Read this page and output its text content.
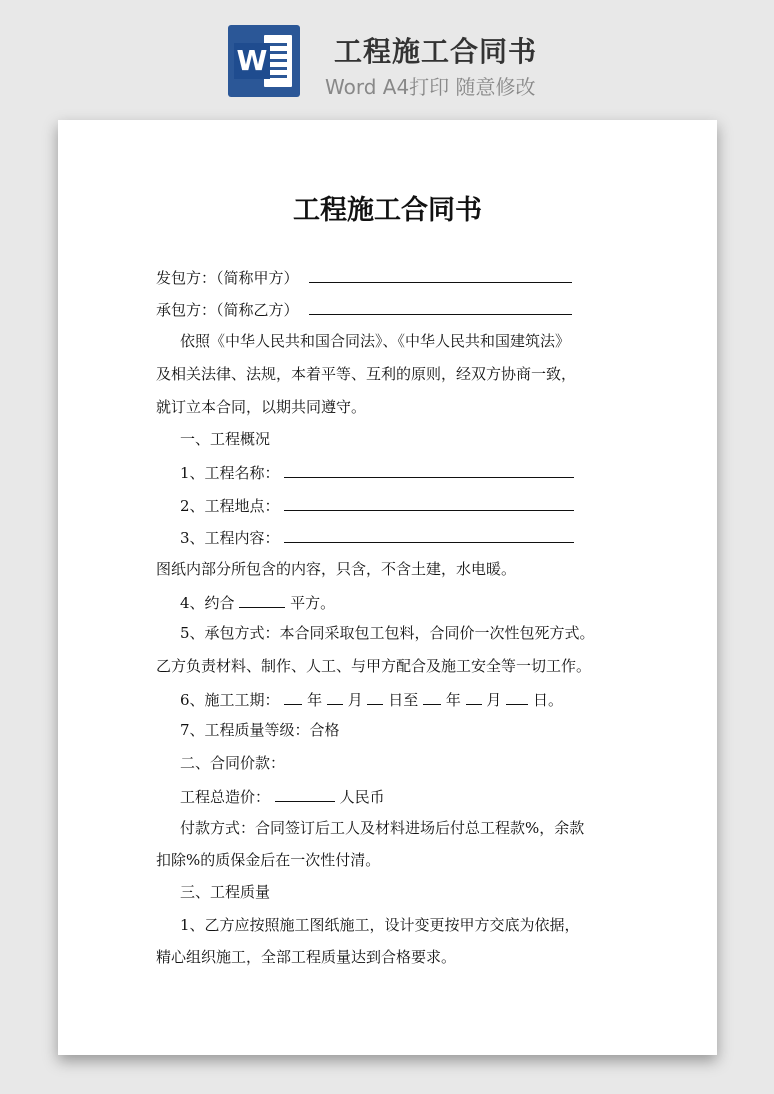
W 工程施工合同书
Word A4打印 随意修改
​
工程施工合同书
发包方：（简称甲方）
承包方：（简称乙方）
依照《中华人民共和国合同法》、《中华人民共和国建筑法》
及相关法律、法规，本着平等、互利的原则，经双方协商一致，
就订立本合同，以期共同遵守。
一、工程概况
1、工程名称：
2、工程地点：
3、工程内容：
图纸内部分所包含的内容，只含，不含土建，水电暖。
4、约合	平方。
5、承包方式：本合同采取包工包料，合同价一次性包死方式。
乙方负责材料、制作、人工、与甲方配合及施工安全等一切工作。
6、施工工期： 年 月 日至 年 月 日。
7、工程质量等级：合格
二、合同价款：
工程总造价：	人民币
付款方式：合同签订后工人及材料进场后付总工程款%，余款
扣除%的质保金后在一次性付清。
三、工程质量
1、乙方应按照施工图纸施工，设计变更按甲方交底为依据，
精心组织施工，全部工程质量达到合格要求。
